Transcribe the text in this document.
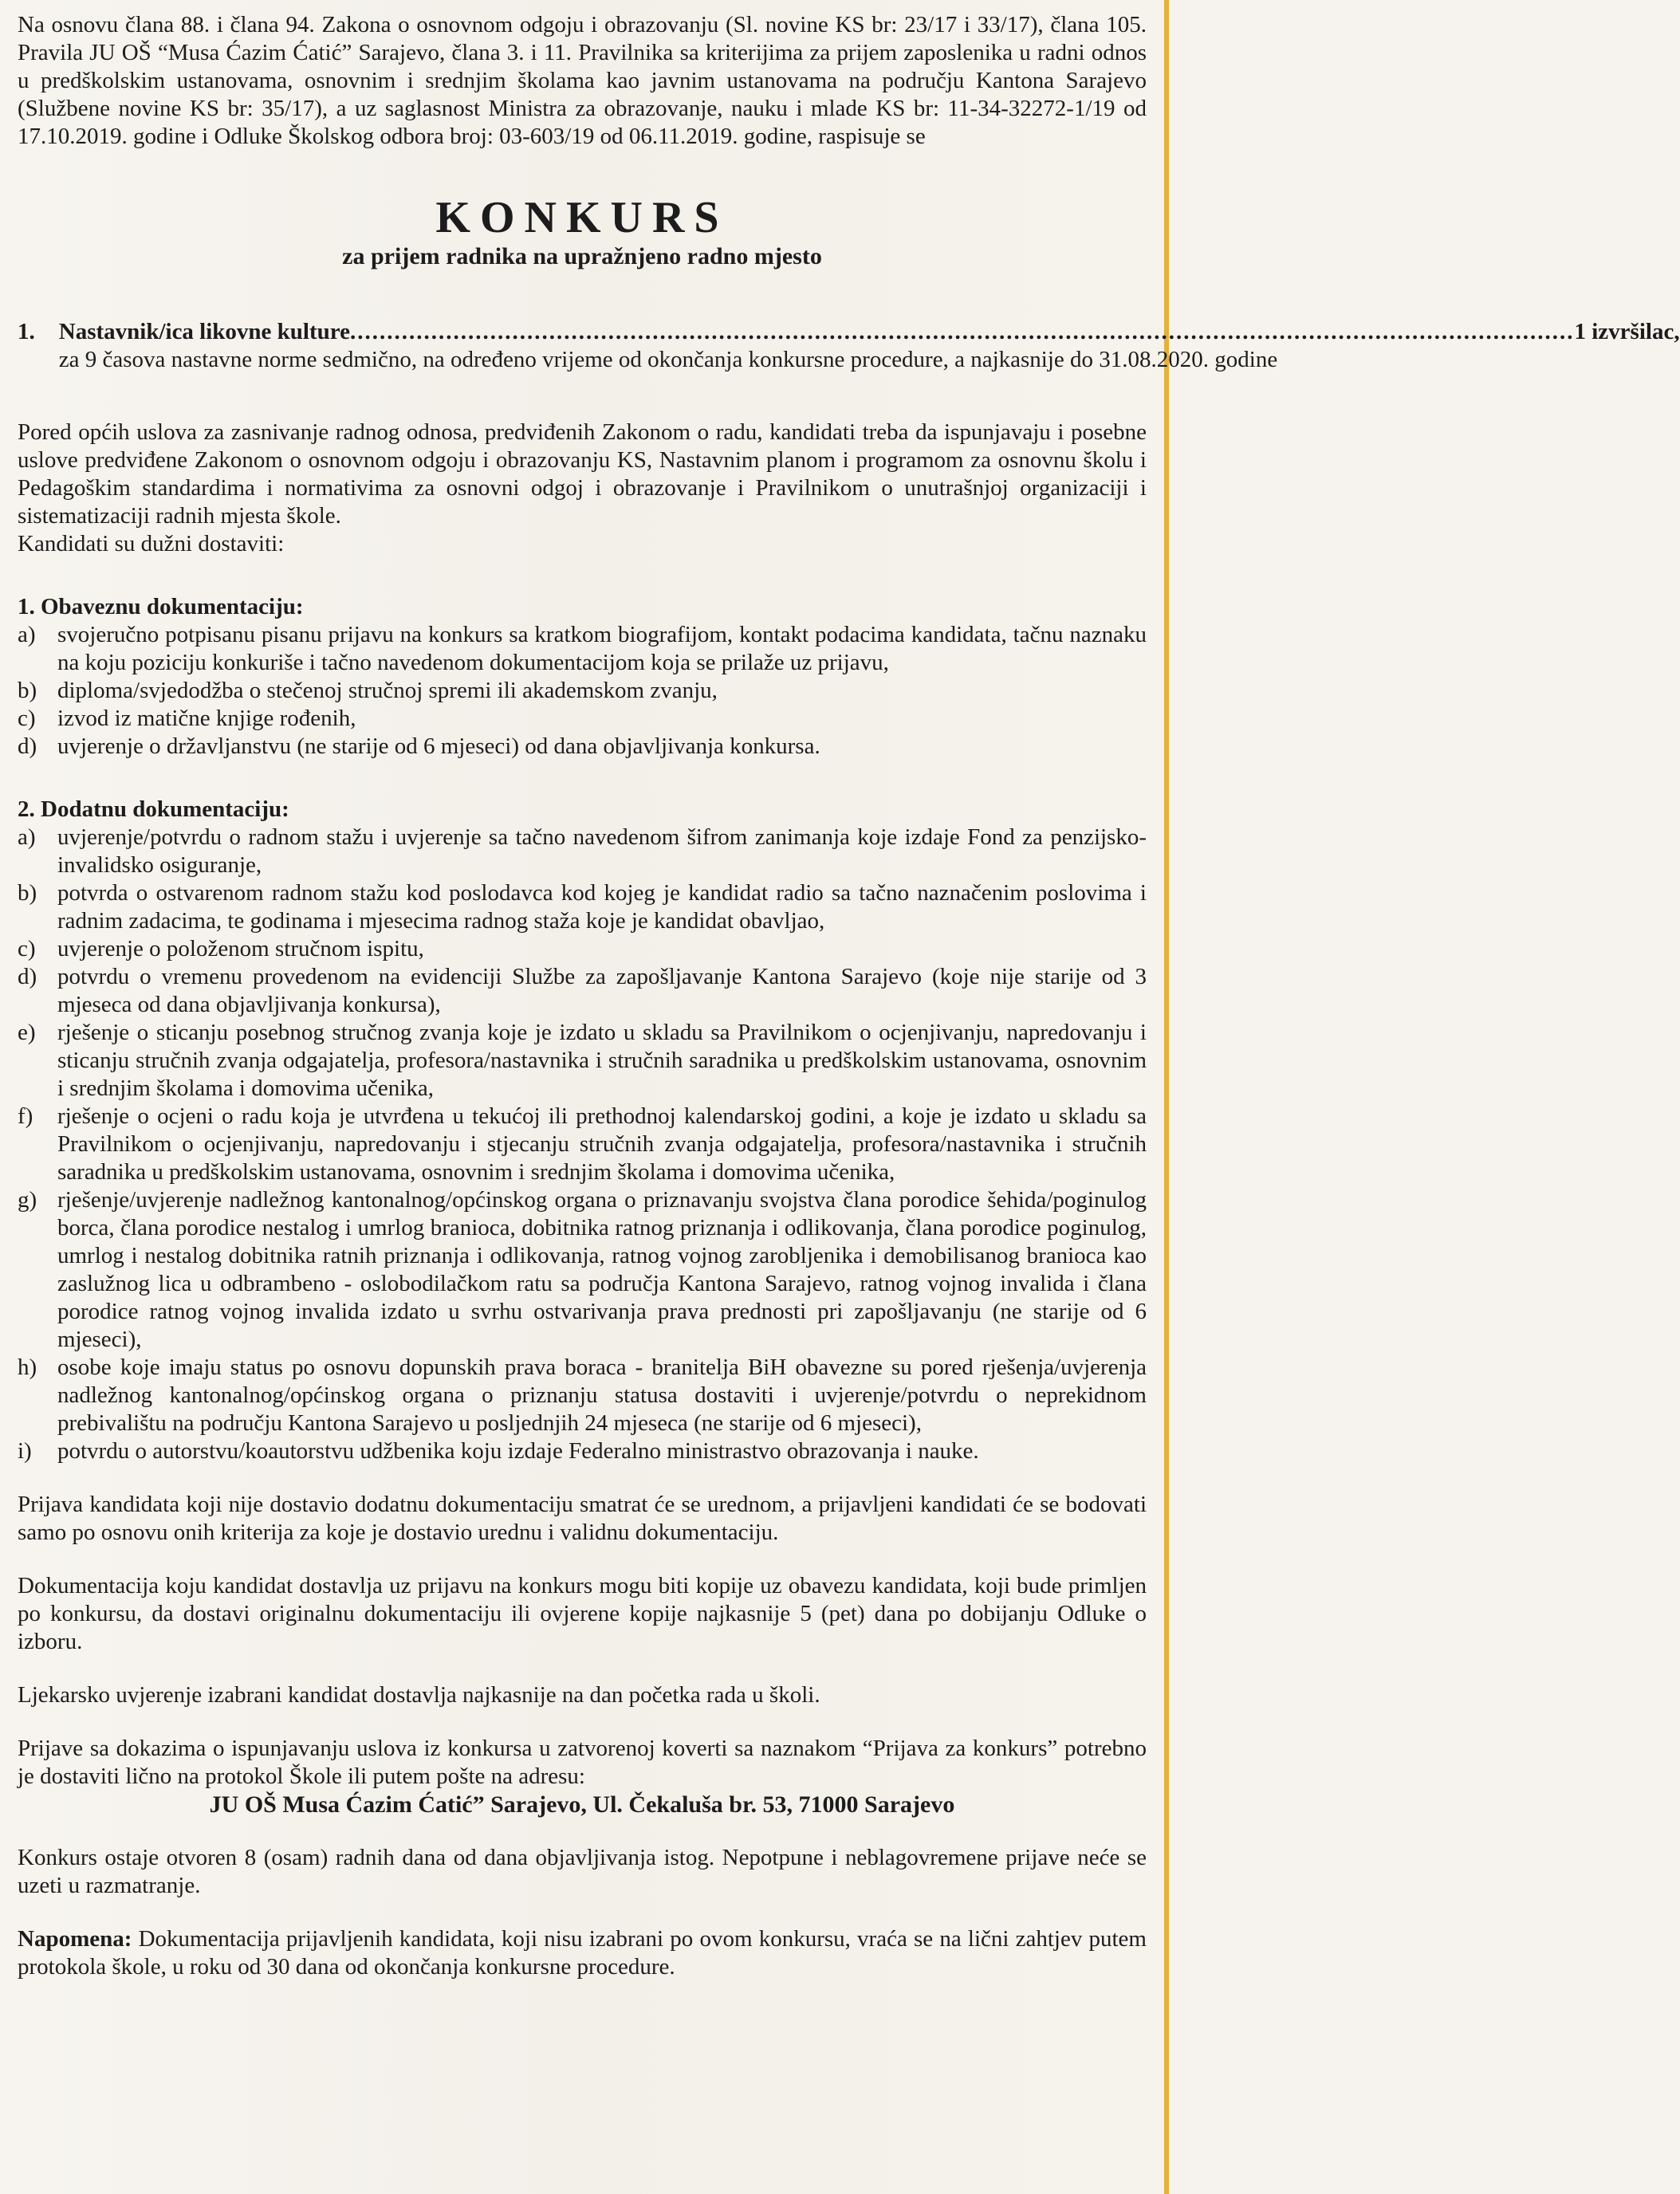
Na osnovu člana 88. i člana 94. Zakona o osnovnom odgoju i obrazovanju (Sl. novine KS br: 23/17 i 33/17), člana 105. Pravila JU OŠ “Musa Ćazim Ćatić” Sarajevo, člana 3. i 11. Pravilnika sa kriterijima za prijem zaposlenika u radni odnos u predškolskim ustanovama, osnovnim i srednjim školama kao javnim ustanovama na području Kantona Sarajevo (Službene novine KS br: 35/17), a uz saglasnost Ministra za obrazovanje, nauku i mlade KS br: 11-34-32272-1/19 od 17.10.2019. godine i Odluke Školskog odbora broj: 03-603/19 od 06.11.2019. godine, raspisuje se

KONKURS
za prijem radnika na upražnjeno radno mjesto
1. Nastavnik/ica likovne kulture ...................................................................................................................................................................... 1 izvršilac,

za 9 časova nastavne norme sedmično, na određeno vrijeme od okončanja konkursne procedure, a najkasnije do 31.08.2020. godine

Pored općih uslova za zasnivanje radnog odnosa, predviđenih Zakonom o radu, kandidati treba da ispunjavaju i posebne uslove predviđene Zakonom o osnovnom odgoju i obrazovanju KS, Nastavnim planom i programom za osnovnu školu i Pedagoškim standardima i normativima za osnovni odgoj i obrazovanje i Pravilnikom o unutrašnjoj organizaciji i sistematizaciji radnih mjesta škole.

Kandidati su dužni dostaviti:

1. Obaveznu dokumentaciju:
a) svojeručno potpisanu pisanu prijavu na konkurs sa kratkom biografijom, kontakt podacima kandidata, tačnu naznaku na koju poziciju konkuriše i tačno navedenom dokumentacijom koja se prilaže uz prijavu,
b) diploma/svjedodžba o stečenoj stručnoj spremi ili akademskom zvanju,
c) izvod iz matične knjige rođenih,
d) uvjerenje o državljanstvu (ne starije od 6 mjeseci) od dana objavljivanja konkursa.
2. Dodatnu dokumentaciju:
a) uvjerenje/potvrdu o radnom stažu i uvjerenje sa tačno navedenom šifrom zanimanja koje izdaje Fond za penzijsko-invalidsko osiguranje,
b) potvrda o ostvarenom radnom stažu kod poslodavca kod kojeg je kandidat radio sa tačno naznačenim poslovima i radnim zadacima, te godinama i mjesecima radnog staža koje je kandidat obavljao,
c) uvjerenje o položenom stručnom ispitu,
d) potvrdu o vremenu provedenom na evidenciji Službe za zapošljavanje Kantona Sarajevo (koje nije starije od 3 mjeseca od dana objavljivanja konkursa),
e) rješenje o sticanju posebnog stručnog zvanja koje je izdato u skladu sa Pravilnikom o ocjenjivanju, napredovanju i sticanju stručnih zvanja odgajatelja, profesora/nastavnika i stručnih saradnika u predškolskim ustanovama, osnovnim i srednjim školama i domovima učenika,
f)	rješenje o ocjeni o radu koja je utvrđena u tekućoj ili prethodnoj kalendarskoj godini, a koje je izdato u skladu sa Pravilnikom o ocjenjivanju, napredovanju i stjecanju stručnih zvanja odgajatelja, profesora/nastavnika i stručnih saradnika u predškolskim ustanovama, osnovnim i srednjim školama i domovima učenika,
g) rješenje/uvjerenje nadležnog kantonalnog/općinskog organa o priznavanju svojstva člana porodice šehida/poginulog borca, člana porodice nestalog i umrlog branioca, dobitnika ratnog priznanja i odlikovanja, člana porodice poginulog, umrlog i nestalog dobitnika ratnih priznanja i odlikovanja, ratnog vojnog zarobljenika i demobilisanog branioca kao zaslužnog lica u odbrambeno - oslobodilačkom ratu sa područja Kantona Sarajevo, ratnog vojnog invalida i člana porodice ratnog vojnog invalida izdato u svrhu ostvarivanja prava prednosti pri zapošljavanju (ne starije od 6 mjeseci),
h) osobe koje imaju status po osnovu dopunskih prava boraca - branitelja BiH obavezne su pored rješenja/uvjerenja nadležnog kantonalnog/općinskog organa o priznanju statusa dostaviti i uvjerenje/potvrdu o neprekidnom prebivalištu na području Kantona Sarajevo u posljednjih 24 mjeseca (ne starije od 6 mjeseci),
i)	potvrdu o autorstvu/koautorstvu udžbenika koju izdaje Federalno ministrastvo obrazovanja i nauke.

Prijava kandidata koji nije dostavio dodatnu dokumentaciju smatrat će se urednom, a prijavljeni kandidati će se bodovati samo po osnovu onih kriterija za koje je dostavio urednu i validnu dokumentaciju.

Dokumentacija koju kandidat dostavlja uz prijavu na konkurs mogu biti kopije uz obavezu kandidata, koji bude primljen po konkursu, da dostavi originalnu dokumentaciju ili ovjerene kopije najkasnije 5 (pet) dana po dobijanju Odluke o izboru.

Ljekarsko uvjerenje izabrani kandidat dostavlja najkasnije na dan početka rada u školi.

Prijave sa dokazima o ispunjavanju uslova iz konkursa u zatvorenoj koverti sa naznakom “Prijava za konkurs” potrebno je dostaviti lično na protokol Škole ili putem pošte na adresu:

JU OŠ Musa Ćazim Ćatić” Sarajevo, Ul. Čekaluša br. 53, 71000 Sarajevo

Konkurs ostaje otvoren 8 (osam) radnih dana od dana objavljivanja istog. Nepotpune i neblagovremene prijave neće se uzeti u razmatranje.

Napomena: Dokumentacija prijavljenih kandidata, koji nisu izabrani po ovom konkursu, vraća se na lični zahtjev putem protokola škole, u roku od 30 dana od okončanja konkursne procedure.
